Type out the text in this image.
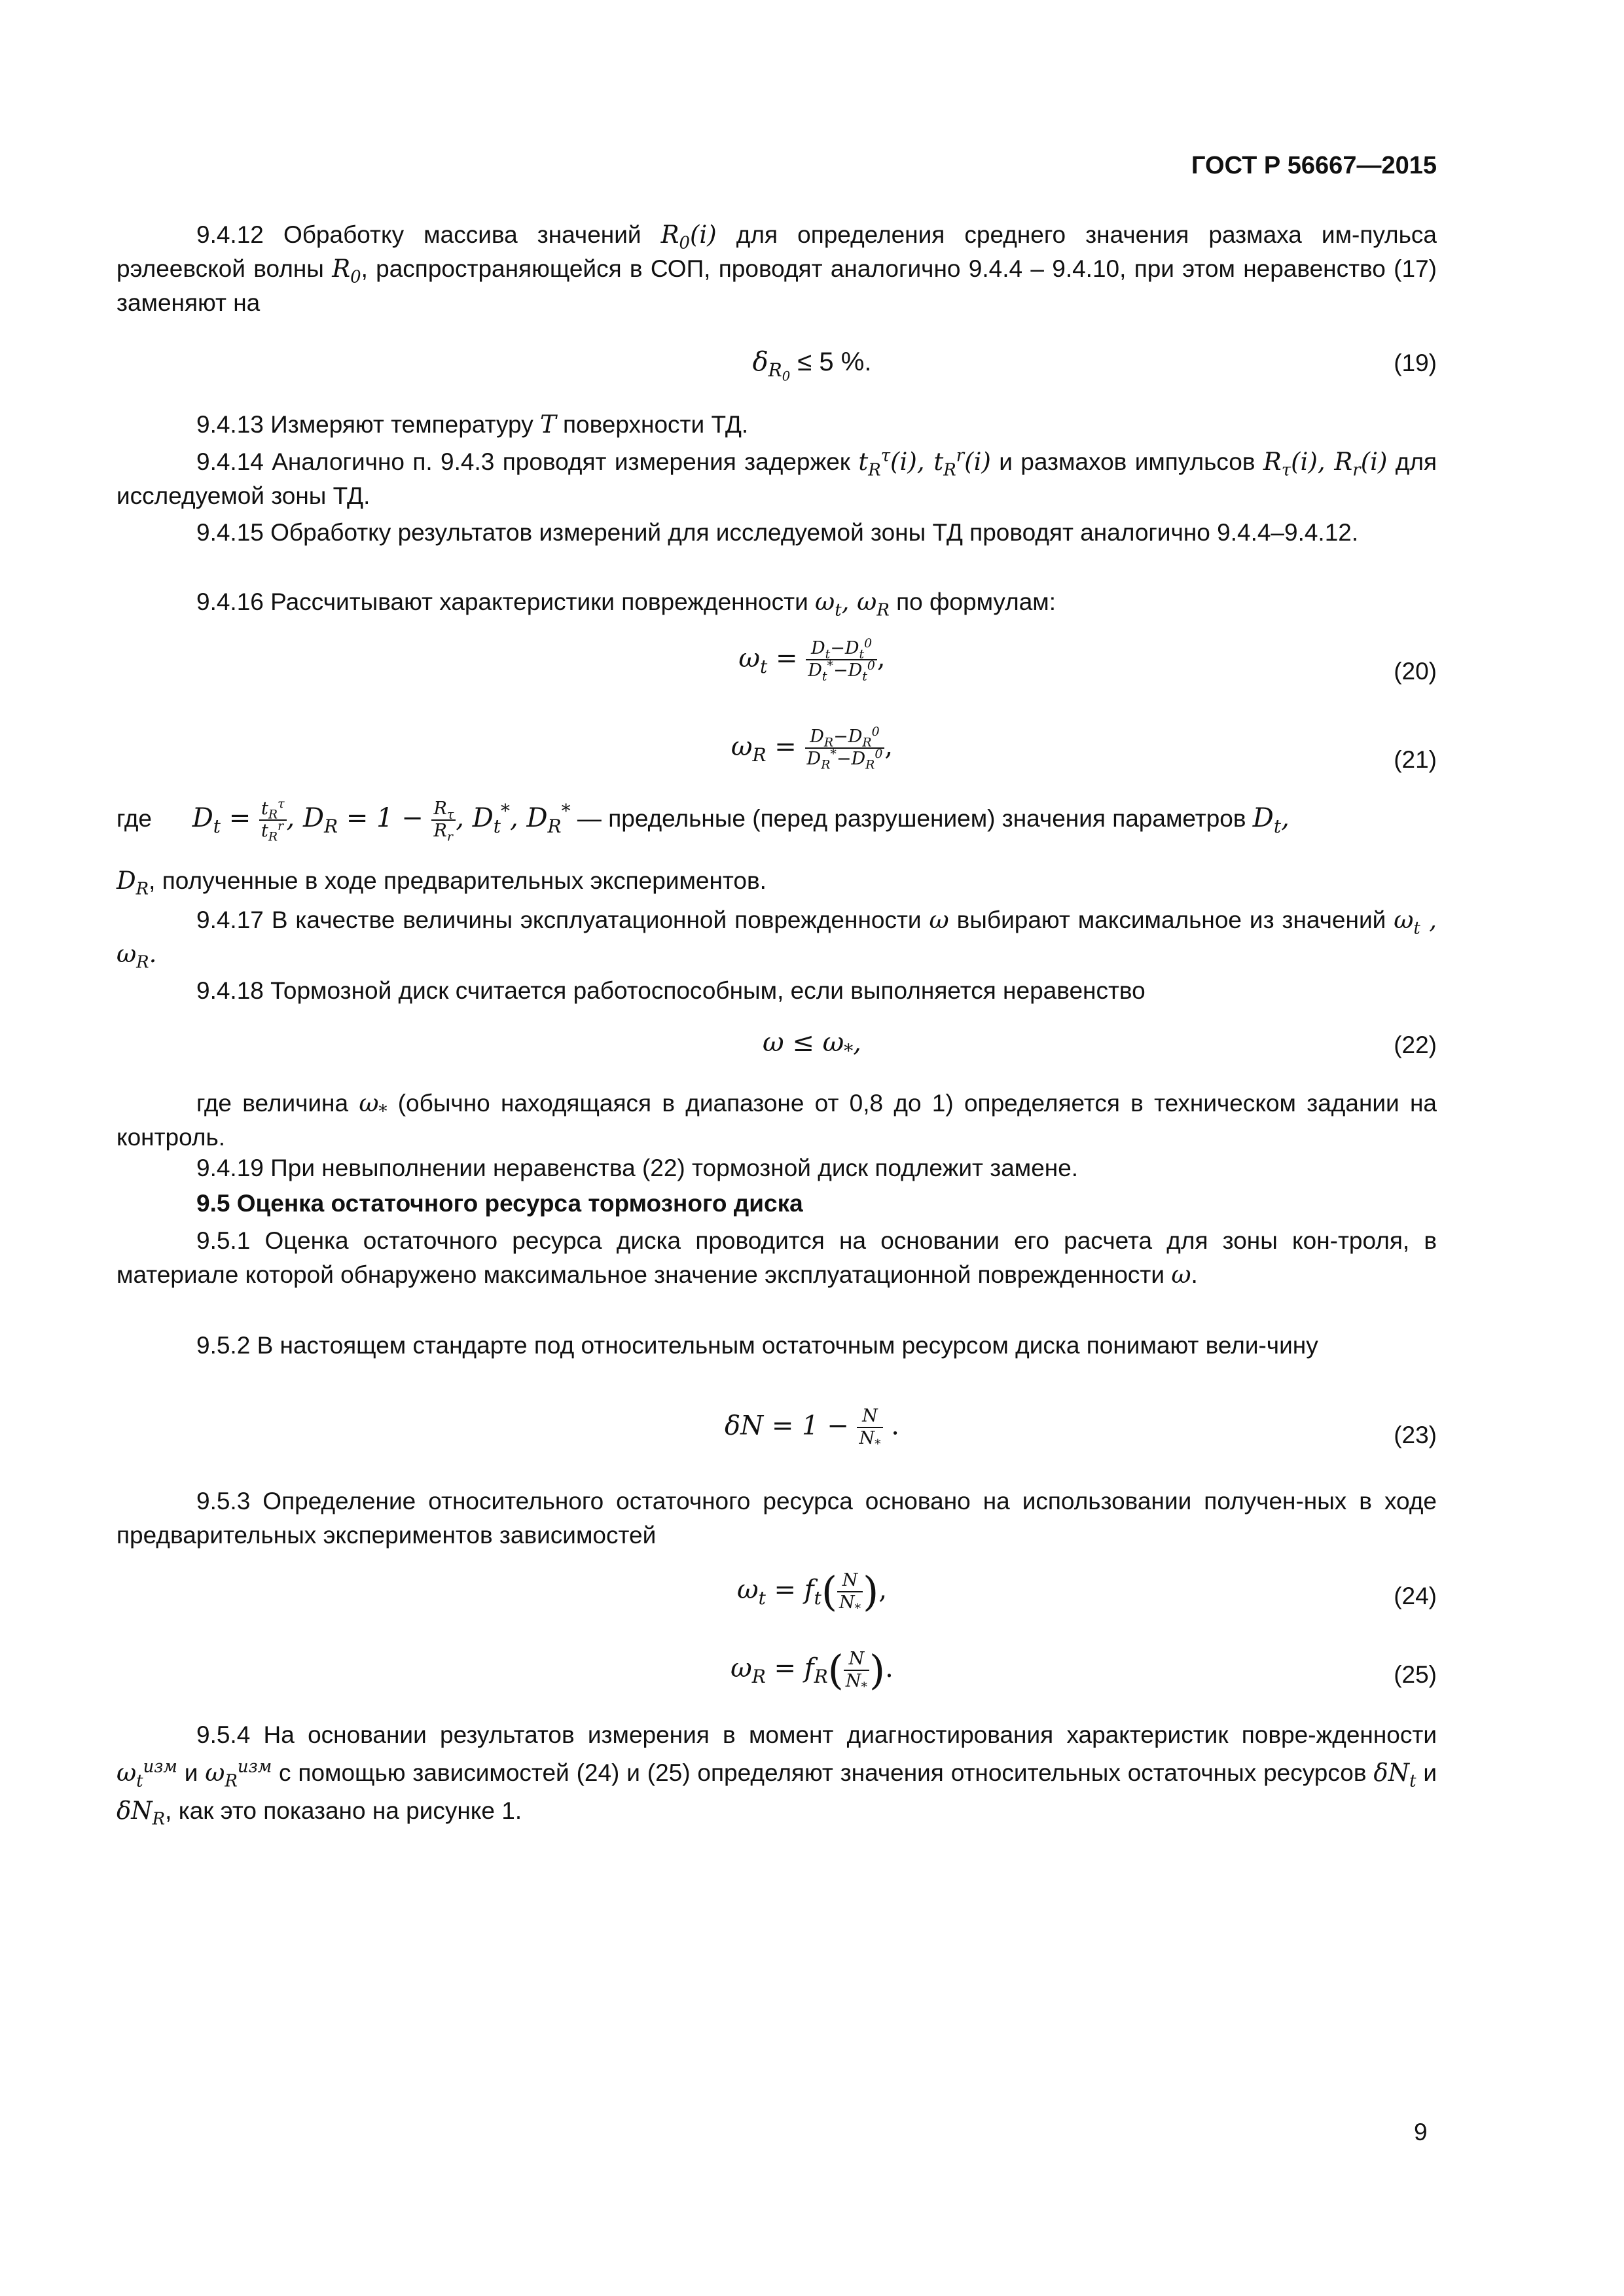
ГОСТ Р 56667—2015
9.4.12 Обработку массива значений $R_0(i)$ для определения среднего значения размаха им-пульса рэлеевской волны $R_0$, распространяющейся в СОП, проводят аналогично 9.4.4 – 9.4.10, при этом неравенство (17) заменяют на
$\delta_{R_0} \le 5$ %.	(19)
9.4.13 Измеряют температуру T поверхности ТД.
9.4.14 Аналогично п. 9.4.3 проводят измерения задержек $t_R^\tau(i)$, $t_R^r(i)$ и размахов импульсов $R_\tau(i)$, $R_r(i)$ для исследуемой зоны ТД.
9.4.15 Обработку результатов измерений для исследуемой зоны ТД проводят аналогично 9.4.4–9.4.12.
9.4.16 Рассчитывают характеристики поврежденности $\omega_t$, $\omega_R$ по формулам:
$\omega_t = \frac{D_t-D_t^0}{D_t^*-D_t^0}$ ,	(20)
$\omega_R = \frac{D_R-D_R^0}{D_R^*-D_R^0}$ ,	(21)
где $D_t = \frac{t_R^\tau}{t_R^r}$ , $D_R = 1 - \frac{R_\tau}{R_r}$ , $D_t^*$, $D_R^*$ — предельные (перед разрушением) значения параметров $D_t$,
$D_R$, полученные в ходе предварительных экспериментов.
9.4.17 В качестве величины эксплуатационной поврежденности ω выбирают максимальное из значений $\omega_t$ , $\omega_R$.
9.4.18 Тормозной диск считается работоспособным, если выполняется неравенство
$\omega \le \omega_*$,	(22)
где величина $\omega_*$ (обычно находящаяся в диапазоне от 0,8 до 1) определяется в техническом задании на контроль.
9.4.19 При невыполнении неравенства (22) тормозной диск подлежит замене.
9.5 Оценка остаточного ресурса тормозного диска
9.5.1 Оценка остаточного ресурса диска проводится на основании его расчета для зоны кон-троля, в материале которой обнаружено максимальное значение эксплуатационной поврежденности ω.
9.5.2 В настоящем стандарте под относительным остаточным ресурсом диска понимают вели-чину
$\delta N = 1 - \frac{N}{N_*}$ .	(23)
9.5.3 Определение относительного остаточного ресурса основано на использовании получен-ных в ходе предварительных экспериментов зависимостей
$\omega_t = f_t( \frac{N}{N_*}$ ),	(24)
$\omega_R = f_R( \frac{N}{N_*}$ ).	(25)
9.5.4 На основании результатов измерения в момент диагностирования характеристик повре-жденности $\omega_t^{изм}$ и $\omega_R^{изм}$ с помощью зависимостей (24) и (25) определяют значения относительных остаточных ресурсов $\delta N_t$ и $\delta N_R$, как это показано на рисунке 1.
9
